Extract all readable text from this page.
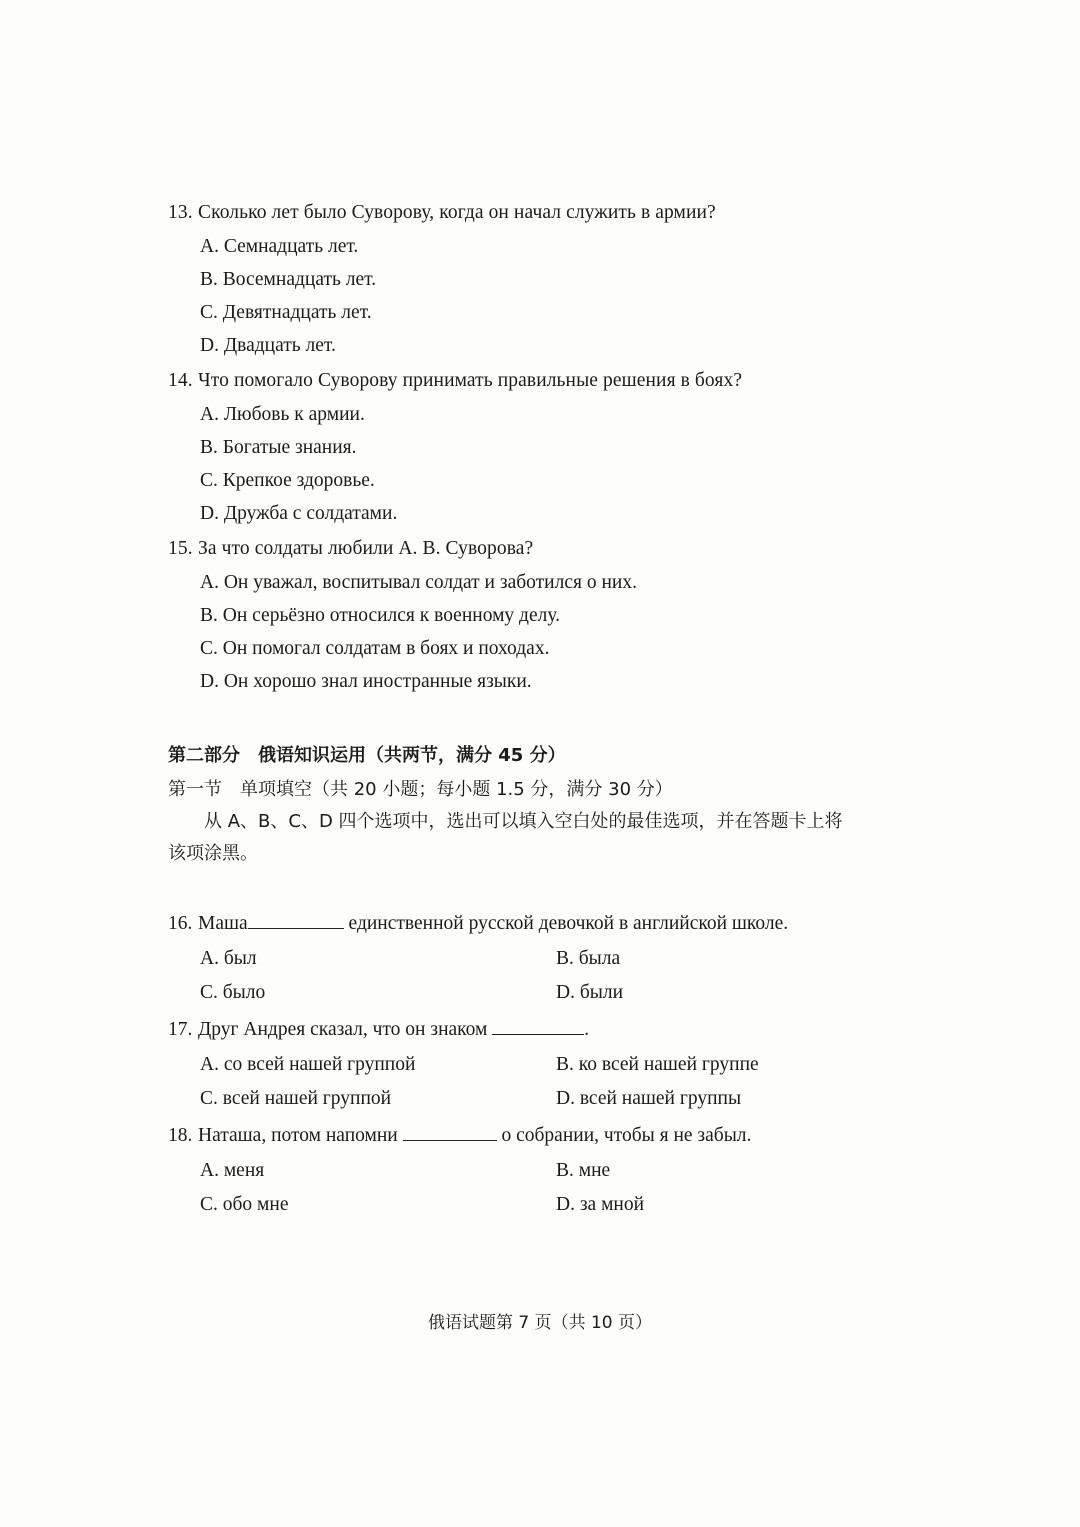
13. Сколько лет было Суворову, когда он начал служить в армии?
A. Семнадцать лет.
B. Восемнадцать лет.
C. Девятнадцать лет.
D. Двадцать лет.
14. Что помогало Суворову принимать правильные решения в боях?
A. Любовь к армии.
B. Богатые знания.
C. Крепкое здоровье.
D. Дружба с солдатами.
15. За что солдаты любили А. В. Суворова?
A. Он уважал, воспитывал солдат и заботился о них.
B. Он серьёзно относился к военному делу.
C. Он помогал солдатам в боях и походах.
D. Он хорошо знал иностранные языки.
第二部分　俄语知识运用（共两节，满分 45 分）
第一节　单项填空（共 20 小题；每小题 1.5 分，满分 30 分）
从 A、B、C、D 四个选项中，选出可以填入空白处的最佳选项，并在答题卡上将
该项涂黑。
16. Маша	единственной русской девочкой в английской школе.
A. был	B. была
C. было	D. были
17. Друг Андрея сказал, что он знаком	.
A. со всей нашей группой	B. ко всей нашей группе
C. всей нашей группой	D. всей нашей группы
18. Наташа, потом напомни	о собрании, чтобы я не забыл.
A. меня	B. мне
C. обо мне	D. за мной
俄语试题第 7 页（共 10 页）
